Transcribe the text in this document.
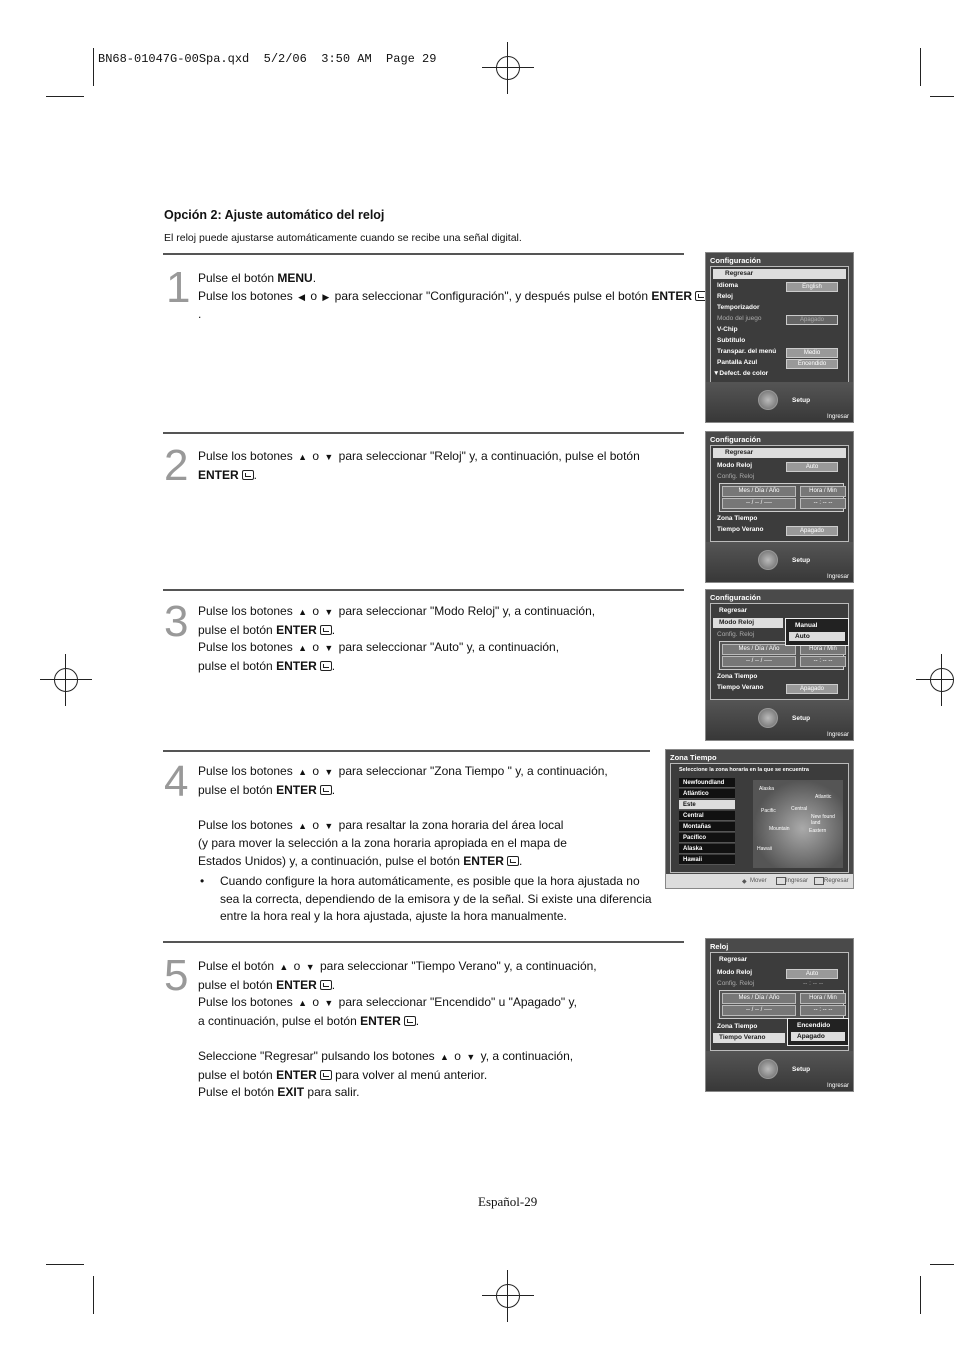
BN68-01047G-00Spa.qxd  5/2/06  3:50 AM  Page 29
Opción 2: Ajuste automático del reloj
El reloj puede ajustarse automáticamente cuando se recibe una señal digital.
1 Pulse el botón MENU.

Pulse los botones ◀ o ▶ para seleccionar "Configuración", y después pulse el botón ENTER.

2 Pulse los botones ▲ o ▼ para seleccionar "Reloj" y, a continuación, pulse el botón

ENTER .

3 Pulse los botones ▲ o ▼ para seleccionar "Modo Reloj" y, a continuación,

pulse el botón ENTER .

Pulse los botones ▲ o ▼ para seleccionar "Auto" y, a continuación,

pulse el botón ENTER .

4 Pulse los botones ▲ o ▼ para seleccionar "Zona Tiempo " y, a continuación,

pulse el botón ENTER .

Pulse los botones ▲ o ▼ para resaltar la zona horaria del área local

(y para mover la selección a la zona horaria apropiada en el mapa de

Estados Unidos) y, a continuación, pulse el botón ENTER .

• Cuando configure la hora automáticamente, es posible que la hora ajustada no sea la correcta, dependiendo de la emisora y de la señal. Si existe una diferencia entre la hora real y la hora ajustada, ajuste la hora manualmente.
5 Pulse el botón ▲ o ▼ para seleccionar "Tiempo Verano" y, a continuación,

pulse el botón ENTER .

Pulse los botones ▲ o ▼ para seleccionar "Encendido" u "Apagado" y,

a continuación, pulse el botón ENTER .

Seleccione "Regresar" pulsando los botones ▲ o ▼ y, a continuación,

pulse el botón ENTER para volver al menú anterior.

Pulse el botón EXIT para salir.

Configuración
Regresar
Idioma	English
Reloj
Temporizador
Modo del juego	Apagado
V-Chip
Subtítulo
Transpar. del menú	Medio
Pantalla Azul	Encendido
▼Defect. de color
Setup
Ingresar
Configuración
Regresar
Modo Reloj	Auto
Config. Reloj
Mes / Día / Año	Hora / Min
-- / -- / ----	-- : -- --
Zona Tiempo
Tiempo Verano	Apagado
Setup
Ingresar
Configuración
Regresar
Modo Reloj
Config. Reloj
Mes / Día / Año	Hora / Min
-- / -- / ----	-- : -- --
Manual
Auto
Zona Tiempo
Tiempo Verano	Apagado
Setup
Ingresar
Zona Tiempo
Seleccione la zona horaria en la que se encuentra
Newfoundland
Atlántico
Este
Central
Montañas
Pacífico
Alaska
Hawaii
Alaska
Pacific	Central
Atlantic
Mountain
New found land
Eastern
Hawaii
◆ Mover	Ingresar	Regresar
Reloj
Regresar
Modo Reloj	Auto
Config. Reloj	-- : -- --
Mes / Día / Año	Hora / Min
-- / -- / ----	-- : -- --
Zona Tiempo
Tiempo Verano
Encendido
Apagado
Setup
Ingresar
Español-29
